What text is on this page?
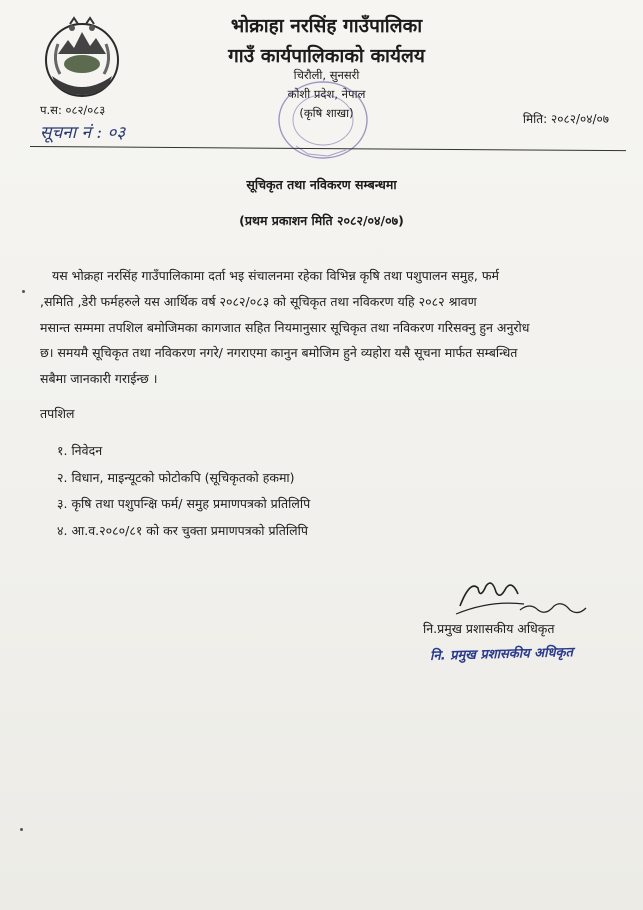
भोक्राहा नरसिंह गाउँपालिका
गाउँ कार्यपालिकाको कार्यलय
चिरौली, सुनसरी
कोशी प्रदेश, नेपाल
(कृषि शाखा)
प.स: ०८२/०८३
सूचना नं : ०३
मिति: २०८२/०४/०७
सूचिकृत तथा नविकरण सम्बन्धमा
(प्रथम प्रकाशन मिति २०८२/०४/०७)
यस भोक्रहा नरसिंह गाउँपालिकामा दर्ता भइ संचालनमा रहेका विभिन्न कृषि तथा पशुपालन समुह, फर्म
,समिति ,डेरी फर्महरुले यस आर्थिक वर्ष २०८२/०८३ को सूचिकृत तथा नविकरण यहि २०८२ श्रावण
मसान्त सम्ममा तपशिल बमोजिमका कागजात सहित नियमानुसार सूचिकृत तथा नविकरण गरिसक्नु हुन अनुरोध
छ। समयमै सूचिकृत तथा नविकरण नगरे/ नगराएमा कानुन बमोजिम हुने व्यहोरा यसै सूचना मार्फत सम्बन्धित
सबैमा जानकारी गराईन्छ ।
तपशिल
१. निवेदन
२. विधान, माइन्यूटको फोटोकपि (सूचिकृतको हकमा)
३. कृषि तथा पशुपन्क्षि फर्म/ समुह प्रमाणपत्रको प्रतिलिपि
४. आ.व.२०८०/८१ को कर चुक्ता प्रमाणपत्रको प्रतिलिपि
नि.प्रमुख प्रशासकीय अधिकृत
नि. प्रमुख प्रशासकीय अधिकृत
